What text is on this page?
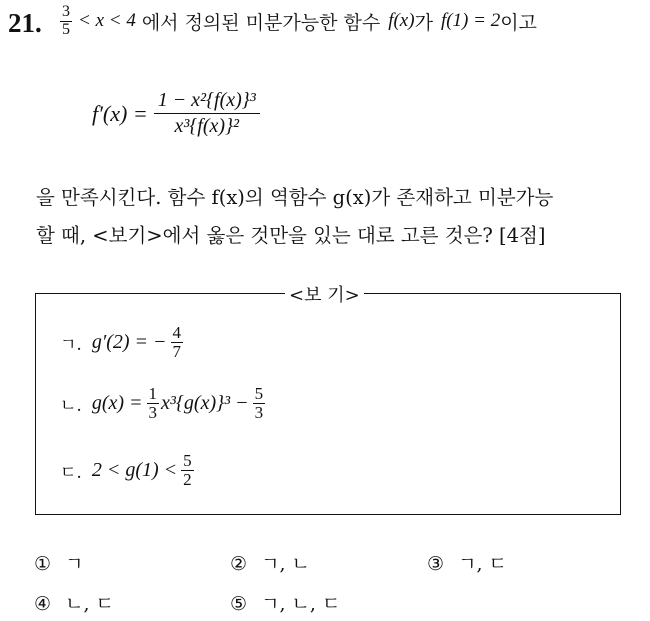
21. $\frac{3}{5} < x < 4$ 에서 정의된 미분가능한 함수 f(x) 가 f(1) = 2 이고
$f'(x) = \frac{\text{1 − x²\{f(x)\}³}}{\text{x³\{f(x)\}²}}$
을 만족시킨다. 함수 f(x)의 역함수 g(x)가 존재하고 미분가능
할 때, <보기>에서 옳은 것만을 있는 대로 고른 것은? [4점]
<보 기>
ㄱ. g′(2) = − $\frac{4}{7}$
ㄴ. $g(x) = \frac{1}{3} x^3\{g(x)\}^3 - \frac{5}{3}$
ㄷ. $2 < g(1) < \frac{5}{2}$
① ㄱ	② ㄱ, ㄴ	③ ㄱ, ㄷ
④ ㄴ, ㄷ	⑤ ㄱ, ㄴ, ㄷ
